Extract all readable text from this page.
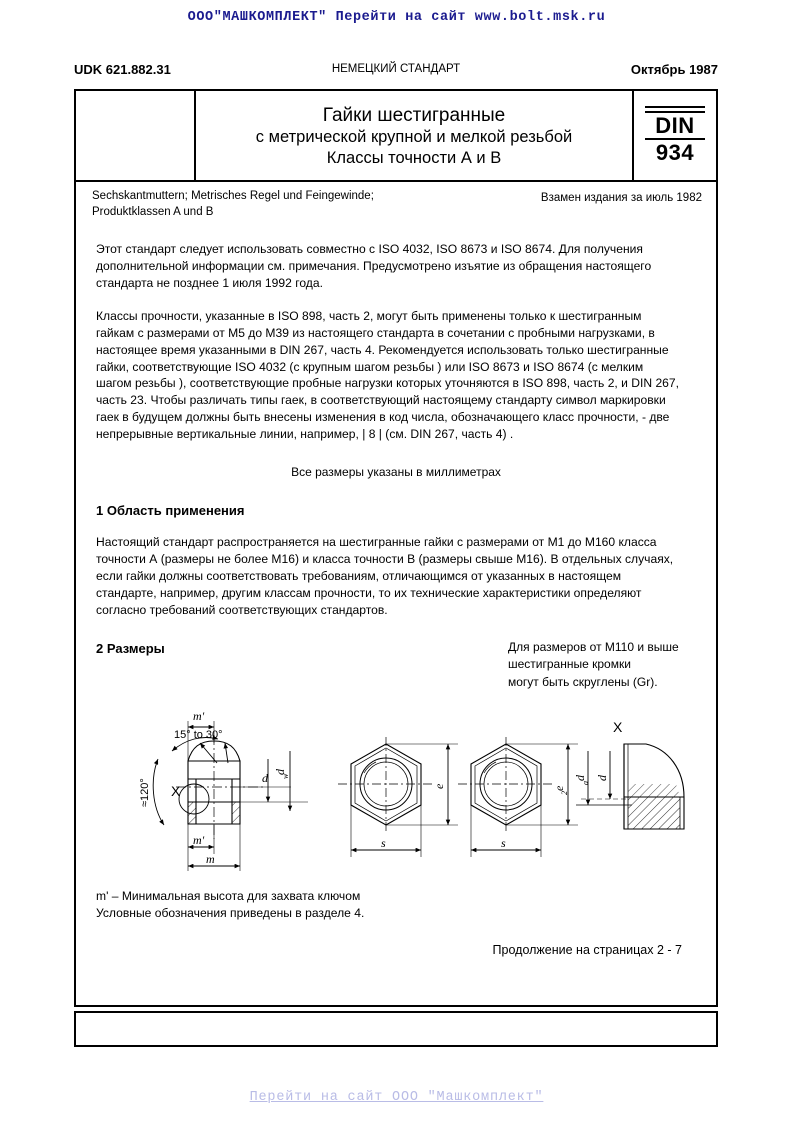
ООО"МАШКОМПЛЕКТ" Перейти на сайт www.bolt.msk.ru
НЕМЕЦКИЙ СТАНДАРТ
UDK 621.882.31	Октябрь 1987
Гайки шестигранные
с метрической крупной и мелкой резьбой
Классы точности А и В
DIN
934
Sechskantmuttern; Metrisches Regel und Feingewinde;
Produktklassen A und B
Взамен издания за июль 1982

Этот стандарт следует использовать совместно с ISO 4032, ISO 8673 и ISO 8674. Для получения дополнительной информации см. примечания. Предусмотрено изъятие из обращения настоящего стандарта не позднее 1 июля 1992 года.

Классы прочности, указанные в ISO 898, часть 2, могут быть применены только к шестигранным гайкам с размерами от М5 до М39 из настоящего стандарта в сочетании с пробными нагрузками, в настоящее время указанными в DIN 267, часть 4. Рекомендуется использовать только шестигранные гайки, соответствующие ISO 4032 (с крупным шагом резьбы ) или ISO 8673 и ISO 8674 (с мелким шагом резьбы ), соответствующие пробные нагрузки которых уточняются в ISO 898, часть 2, и DIN 267, часть 23. Чтобы различать типы гаек, в соответствующий настоящему стандарту символ маркировки гаек в будущем должны быть внесены изменения в код числа, обозначающего класс прочности, - две непрерывные вертикальные линии, например, | 8 | (см. DIN 267, часть 4) .

Все размеры указаны в миллиметрах

1 Область применения

Настоящий стандарт распространяется на шестигранные гайки с размерами от М1 до М160 класса точности А (размеры не более М16) и класса точности В (размеры свыше М16). В отдельных случаях, если гайки должны соответствовать требованиям, отличающимся от указанных в настоящем стандарте, например, другим классам прочности, то их технические характеристики определяют согласно требований соответствующих стандартов.

2 Размеры	Для размеров от М110 и выше
шестигранные кромки
могут быть скруглены (Gr).
X
m'
m'
m
d d
w
15° to 30°
≈120° X	e
s
e
2
s
d
a
d
m' – Минимальная высота для захвата ключом
Условные обозначения приведены в разделе 4.
Продолжение на страницах 2 - 7
Перейти на сайт ООО "Машкомплект"
